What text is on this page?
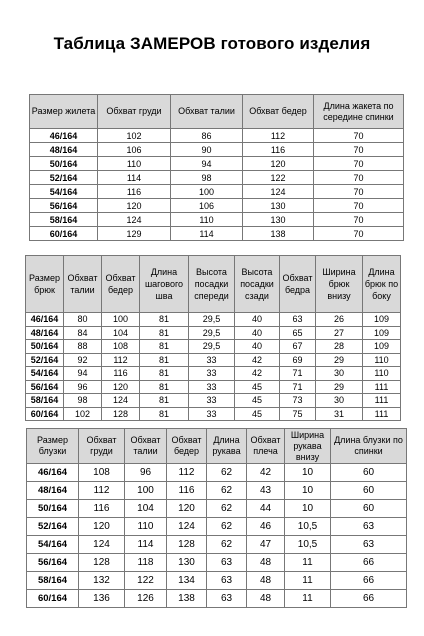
Таблица ЗАМЕРОВ готового изделия
Размер жилета	Обхват груди	Обхват талии	Обхват бедер	Длина жакета по середине спинки
46/164	102	86	112	70
48/164	106	90	116	70
50/164	110	94	120	70
52/164	114	98	122	70
54/164	116	100	124	70
56/164	120	106	130	70
58/164	124	110	130	70
60/164	129	114	138	70
Размер брюк	Обхват талии	Обхват бедер	Длина шагового шва	Высота посадки спереди	Высота посадки сзади	Обхват бедра	Ширина брюк внизу	Длина брюк по боку
46/164	80	100	81	29,5	40	63	26	109
48/164	84	104	81	29,5	40	65	27	109
50/164	88	108	81	29,5	40	67	28	109
52/164	92	112	81	33	42	69	29	110
54/164	94	116	81	33	42	71	30	110
56/164	96	120	81	33	45	71	29	111
58/164	98	124	81	33	45	73	30	111
60/164	102	128	81	33	45	75	31	111
Размер блузки	Обхват груди	Обхват талии	Обхват бедер	Длина рукава	Обхват плеча	Ширина рукава внизу	Длина блузки по спинки
46/164	108	96	112	62	42	10	60
48/164	112	100	116	62	43	10	60
50/164	116	104	120	62	44	10	60
52/164	120	110	124	62	46	10,5	63
54/164	124	114	128	62	47	10,5	63
56/164	128	118	130	63	48	11	66
58/164	132	122	134	63	48	11	66
60/164	136	126	138	63	48	11	66
